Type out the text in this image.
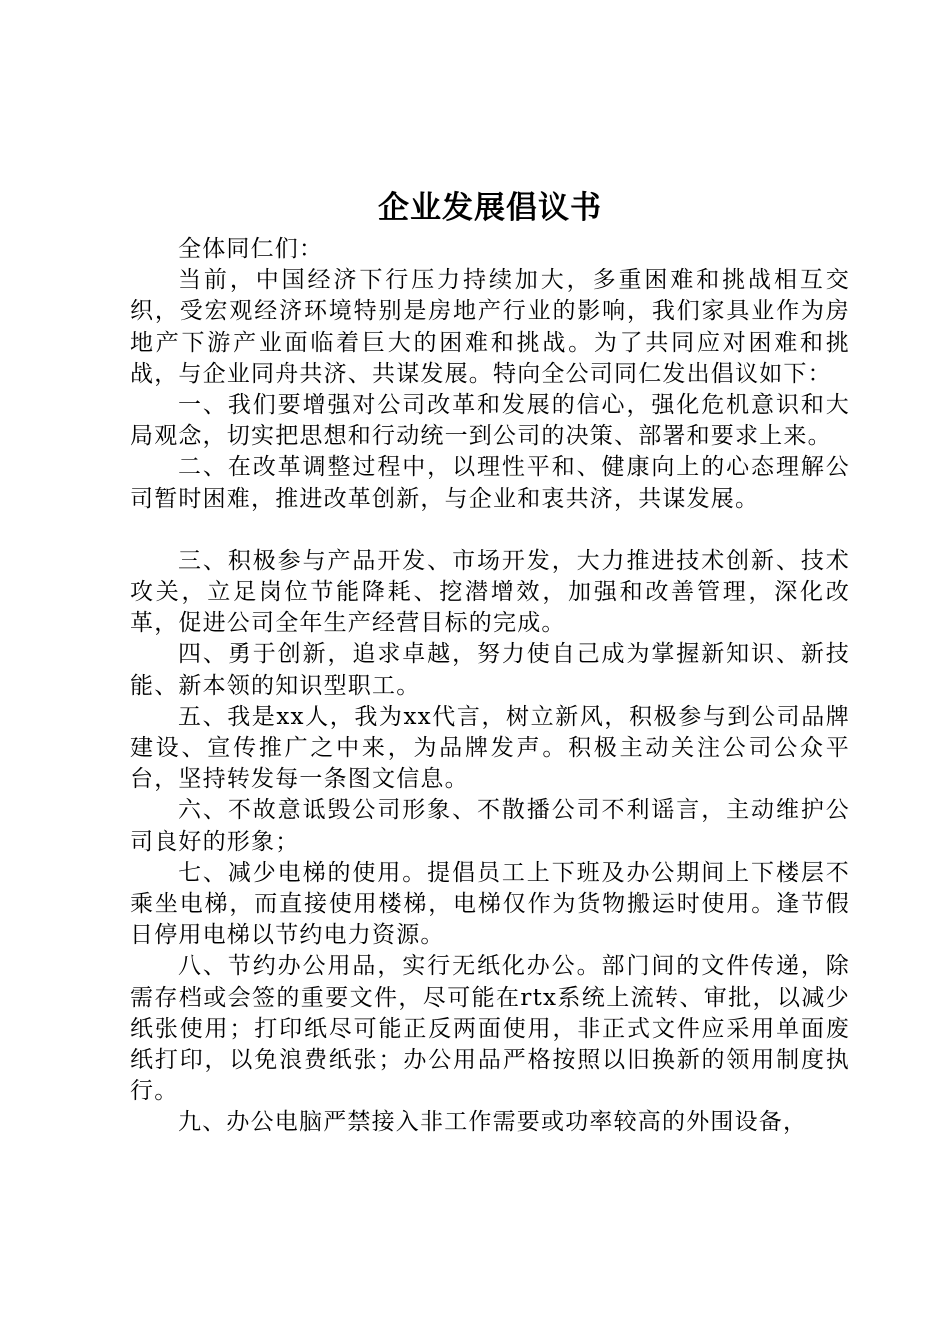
企业发展倡议书

全体同仁们：

当前，中国经济下行压力持续加大，多重困难和挑战相互交织，受宏观经济环境特别是房地产行业的影响，我们家具业作为房地产下游产业面临着巨大的困难和挑战。为了共同应对困难和挑战，与企业同舟共济、共谋发展。特向全公司同仁发出倡议如下：

一、我们要增强对公司改革和发展的信心，强化危机意识和大局观念，切实把思想和行动统一到公司的决策、部署和要求上来。

二、在改革调整过程中，以理性平和、健康向上的心态理解公司暂时困难，推进改革创新，与企业和衷共济，共谋发展。

三、积极参与产品开发、市场开发，大力推进技术创新、技术攻关，立足岗位节能降耗、挖潜增效，加强和改善管理，深化改革，促进公司全年生产经营目标的完成。

四、勇于创新，追求卓越，努力使自己成为掌握新知识、新技能、新本领的知识型职工。

五、我是xx人，我为xx代言，树立新风，积极参与到公司品牌建设、宣传推广之中来，为品牌发声。积极主动关注公司公众平台，坚持转发每一条图文信息。

六、不故意诋毁公司形象、不散播公司不利谣言，主动维护公司良好的形象；

七、减少电梯的使用。提倡员工上下班及办公期间上下楼层不乘坐电梯，而直接使用楼梯，电梯仅作为货物搬运时使用。逢节假日停用电梯以节约电力资源。

八、节约办公用品，实行无纸化办公。部门间的文件传递，除需存档或会签的重要文件，尽可能在rtx系统上流转、审批，以减少纸张使用；打印纸尽可能正反两面使用，非正式文件应采用单面废纸打印，以免浪费纸张；办公用品严格按照以旧换新的领用制度执行。

九、办公电脑严禁接入非工作需要或功率较高的外围设备，
